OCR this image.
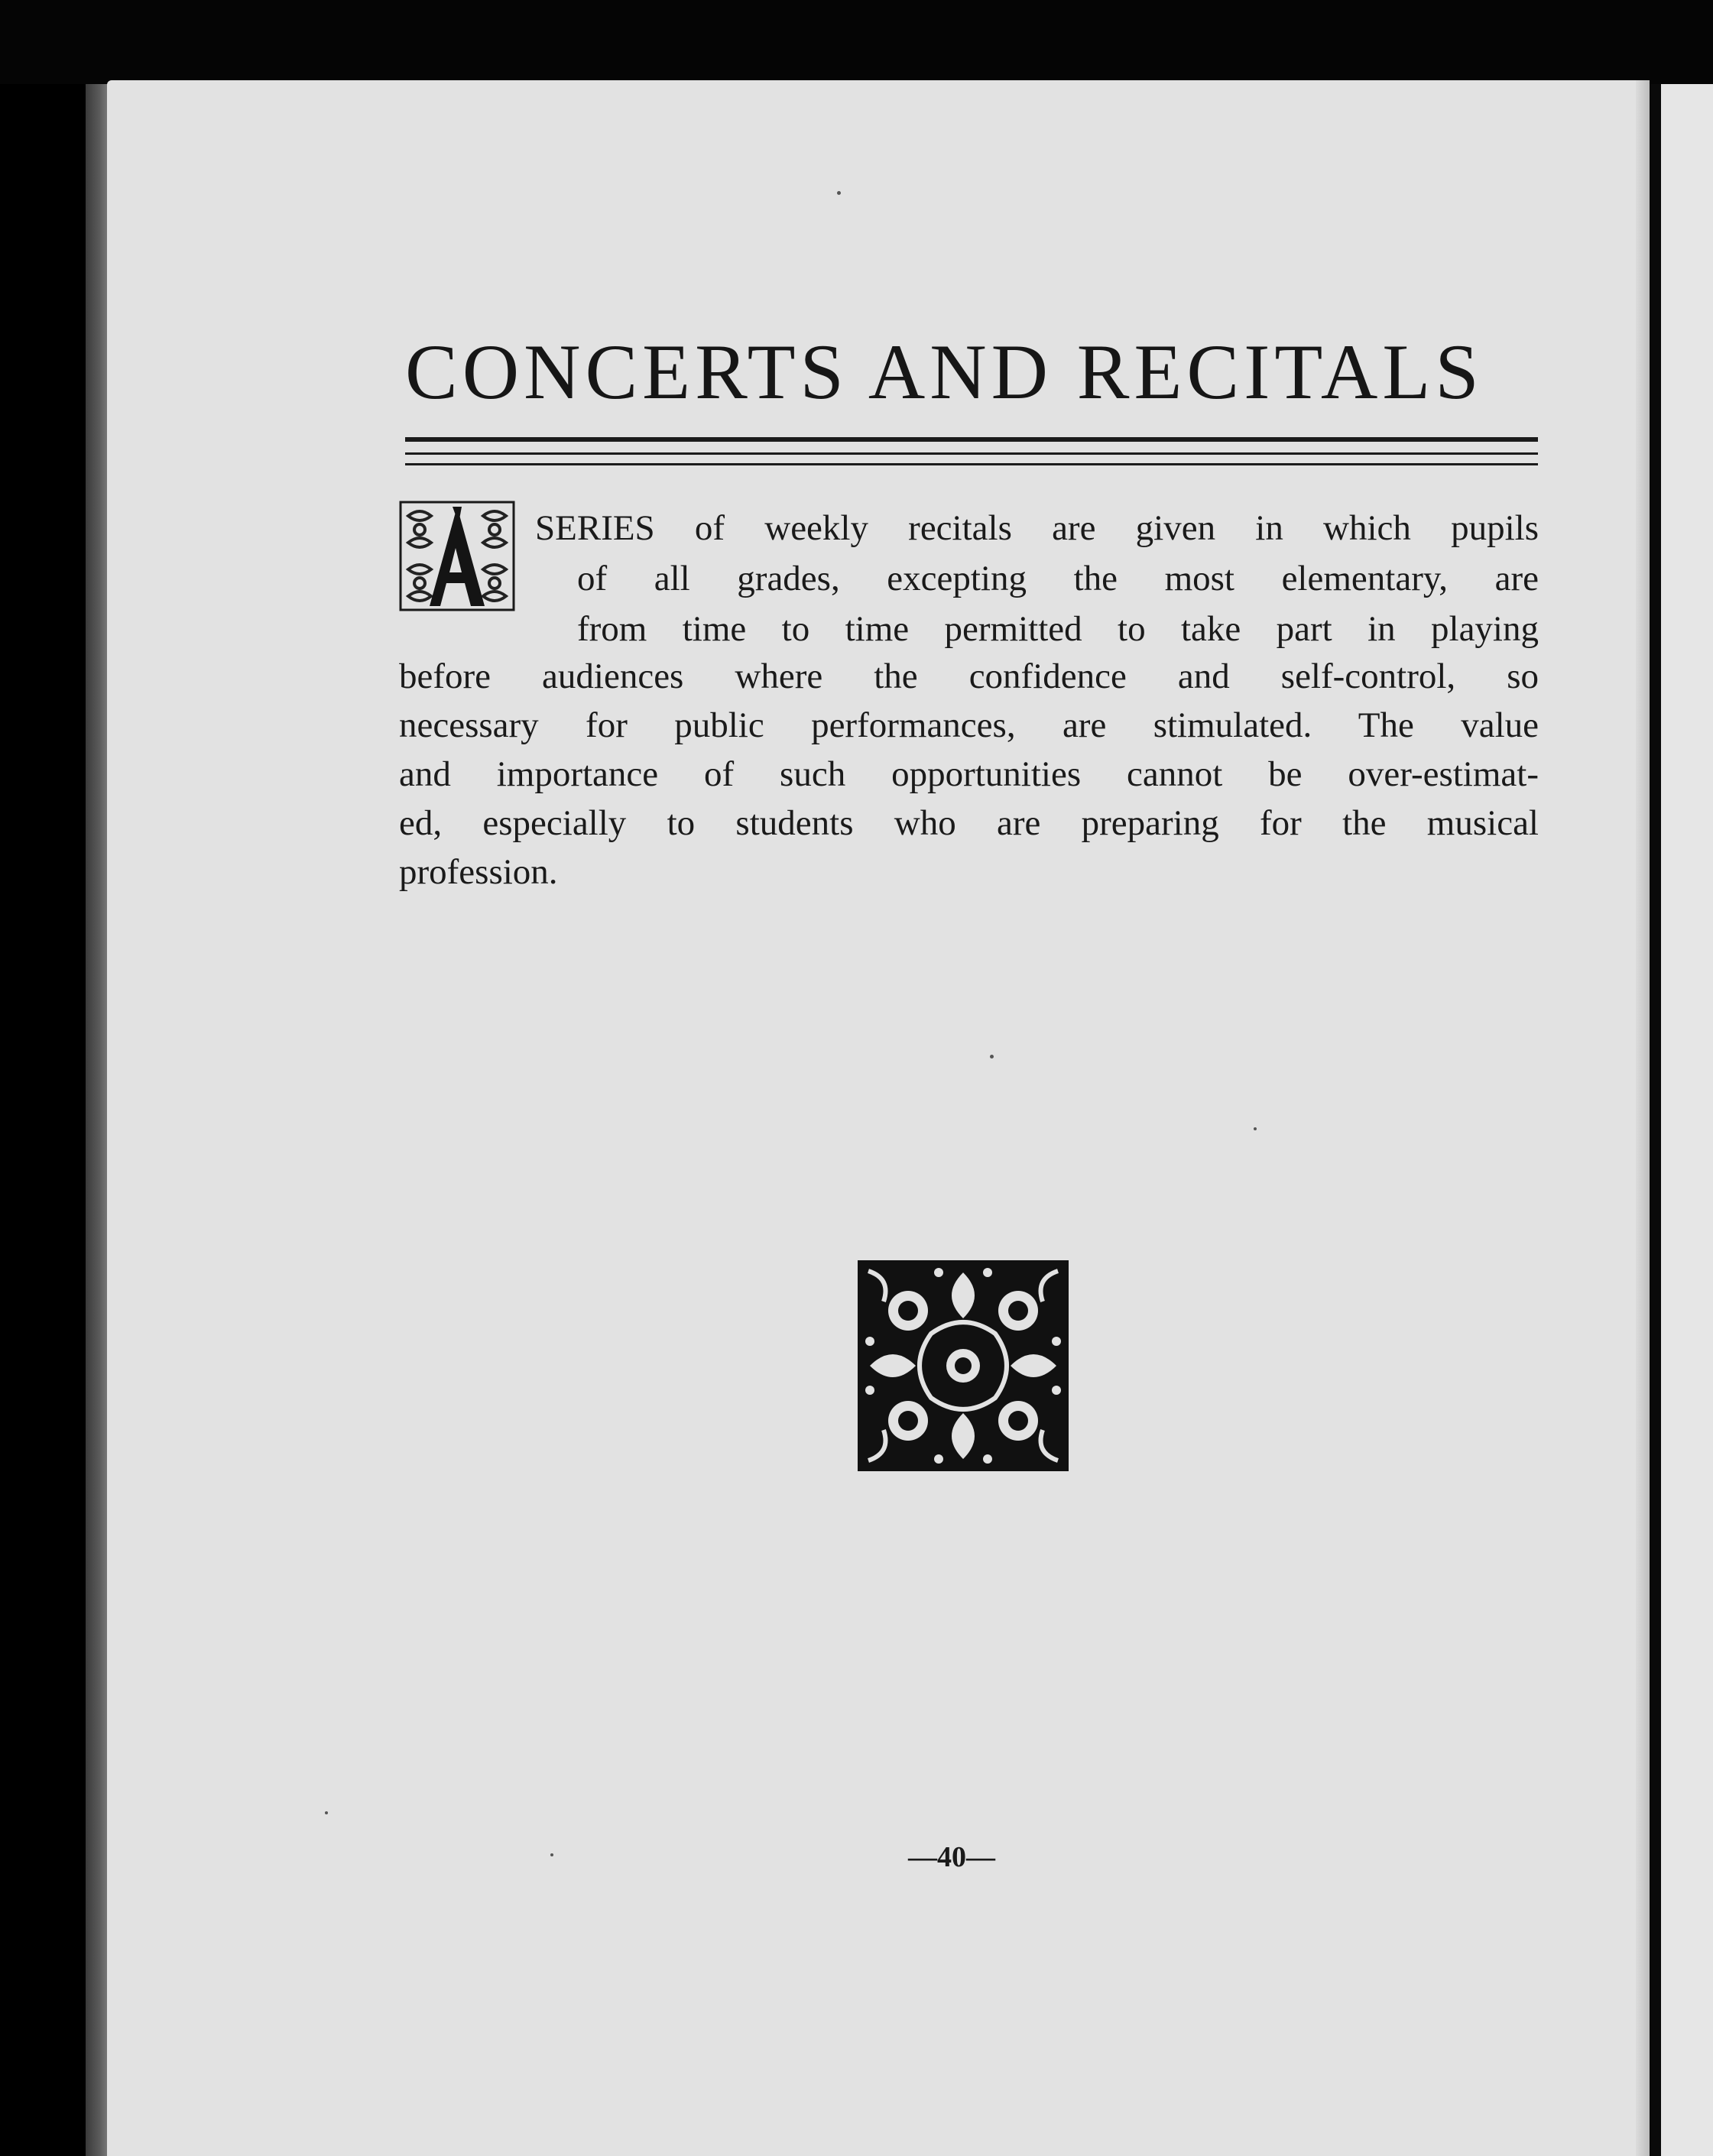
CONCERTS AND RECITALS

SERIES of weekly recitals are given in which pupils

of all grades, excepting the most elementary, are

from time to time permitted to take part in playing

before audiences where the confidence and self-control, so

necessary for public performances, are stimulated. The value

and importance of such opportunities cannot be over-estimat-

ed, especially to students who are preparing for the musical

profession.

—40—
